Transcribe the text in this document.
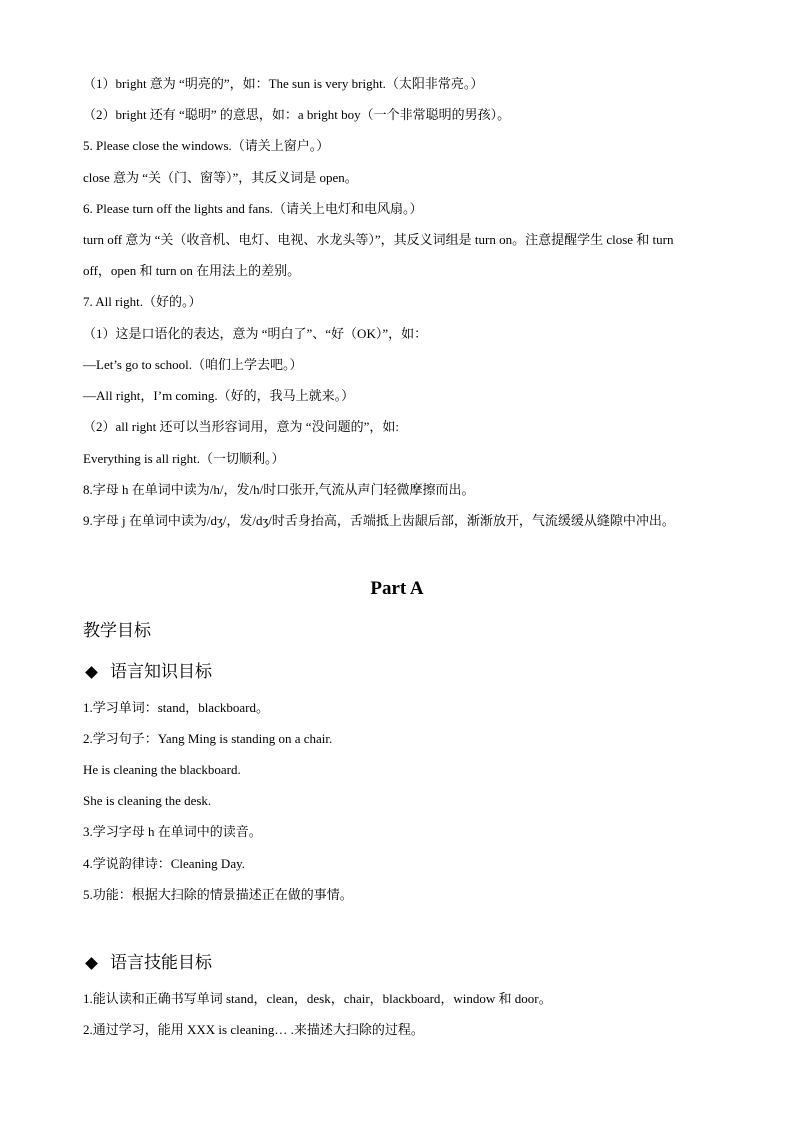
（1）bright 意为 “明亮的”，如：The sun is very bright.（太阳非常亮。）
（2）bright 还有 “聪明” 的意思，如：a bright boy（一个非常聪明的男孩）。
5. Please close the windows.（请关上窗户。）
close 意为 “关（门、窗等）”，其反义词是 open。
6. Please turn off the lights and fans.（请关上电灯和电风扇。）
turn off 意为 “关（收音机、电灯、电视、水龙头等）”，其反义词组是 turn on。注意提醒学生 close 和 turn
off，open 和 turn on 在用法上的差别。
7. All right.（好的。）
（1）这是口语化的表达，意为 “明白了”、“好（OK）”，如：
—Let’s go to school.（咱们上学去吧。）
—All right，I’m coming.（好的，我马上就来。）
（2）all right 还可以当形容词用，意为 “没问题的”，如:
Everything is all right.（一切顺利。）
8.字母 h 在单词中读为/h/，发/h/时口张开,气流从声门轻微摩擦而出。
9.字母 j 在单词中读为/dʒ/，发/dʒ/时舌身抬高，舌端抵上齿龈后部，渐渐放开，气流缓缓从缝隙中冲出。
Part A
教学目标
语言知识目标
1.学习单词：stand，blackboard。
2.学习句子：Yang Ming is standing on a chair.
He is cleaning the blackboard.
She is cleaning the desk.
3.学习字母 h 在单词中的读音。
4.学说韵律诗：Cleaning Day.
5.功能：根据大扫除的情景描述正在做的事情。
语言技能目标
1.能认读和正确书写单词 stand，clean，desk，chair，blackboard，window 和 door。
2.通过学习，能用 XXX is cleaning… .来描述大扫除的过程。
